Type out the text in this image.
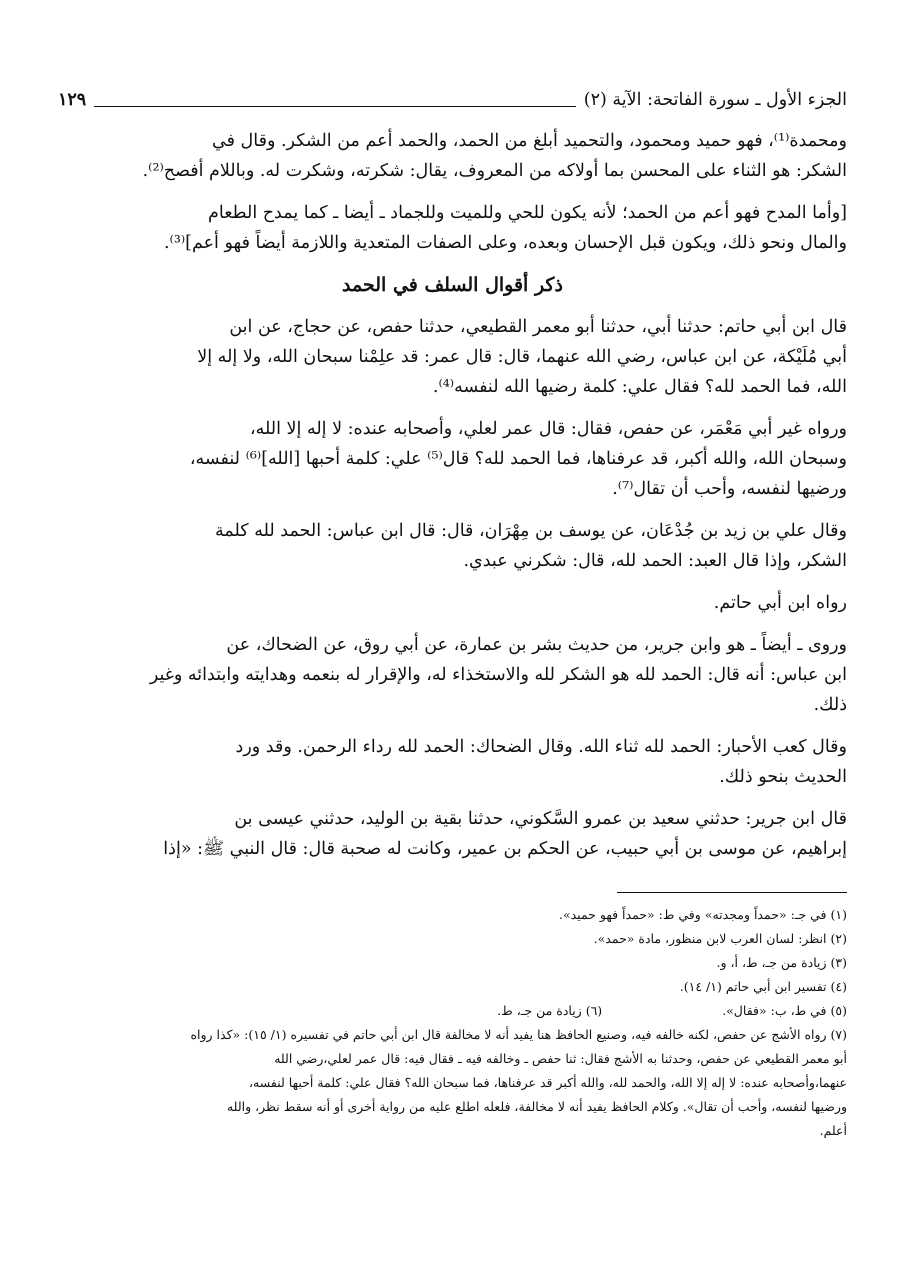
الجزء الأول ـ سورة الفاتحة: الآية (٢)
١٢٩

ومحمدة⁽¹⁾، فهو حميد ومحمود، والتحميد أبلغ من الحمد، والحمد أعم من الشكر. وقال في
الشكر: هو الثناء على المحسن بما أولاكه من المعروف، يقال: شكرته، وشكرت له. وباللام أفصح⁽²⁾.

[وأما المدح فهو أعم من الحمد؛ لأنه يكون للحي وللميت وللجماد ـ أيضا ـ كما يمدح الطعام
والمال ونحو ذلك، ويكون قبل الإحسان وبعده، وعلى الصفات المتعدية واللازمة أيضاً فهو أعم]⁽³⁾.

ذكر أقوال السلف في الحمد

قال ابن أبي حاتم: حدثنا أبي، حدثنا أبو معمر القطيعي، حدثنا حفص، عن حجاج، عن ابن
أبي مُلَيْكة، عن ابن عباس، رضي الله عنهما، قال: قال عمر: قد علِمْنا سبحان الله، ولا إله إلا
الله، فما الحمد لله؟ فقال علي: كلمة رضيها الله لنفسه⁽⁴⁾.

ورواه غير أبي مَعْمَر، عن حفص، فقال: قال عمر لعلي، وأصحابه عنده: لا إله إلا الله،
وسبحان الله، والله أكبر، قد عرفناها، فما الحمد لله؟ قال⁽⁵⁾ علي: كلمة أحبها [الله]⁽⁶⁾ لنفسه،
ورضيها لنفسه، وأحب أن تقال⁽⁷⁾.

وقال علي بن زيد بن جُدْعَان، عن يوسف بن مِهْرَان، قال: قال ابن عباس: الحمد لله كلمة
الشكر، وإذا قال العبد: الحمد لله، قال: شكرني عبدي.

رواه ابن أبي حاتم.

وروى ـ أيضاً ـ هو وابن جرير، من حديث بشر بن عمارة، عن أبي روق، عن الضحاك، عن
ابن عباس: أنه قال: الحمد لله هو الشكر لله والاستخذاء له، والإقرار له بنعمه وهدايته وابتدائه وغير
ذلك.

وقال كعب الأحبار: الحمد لله ثناء الله. وقال الضحاك: الحمد لله رداء الرحمن. وقد ورد
الحديث بنحو ذلك.

قال ابن جرير: حدثني سعيد بن عمرو السَّكوني، حدثنا بقية بن الوليد، حدثني عيسى بن
إبراهيم، عن موسى بن أبي حبيب، عن الحكم بن عمير، وكانت له صحبة قال: قال النبي ﷺ: «إذا

(١) في جـ: «حمداً ومجدته» وفي ط: «حمداً فهو حميد».

(٢) انظر: لسان العرب لابن منظور، مادة «حمد».

(٣) زيادة من جـ، ط، أ، و.

(٤) تفسير ابن أبي حاتم (١/ ١٤).

(٥) في ط، ب: «فقال».

(٦) زيادة من جـ، ط.

(٧) رواه الأشج عن حفص، لكنه خالفه فيه، وصنيع الحافظ هنا يفيد أنه لا مخالفة قال ابن أبي حاتم في تفسيره (١/ ١٥): «كذا رواه
أبو معمر القطيعي عن حفص، وحدثنا به الأشج فقال: ثنا حفص ـ وخالفه فيه ـ فقال فيه: قال عمر لعلي،رضي الله
عنهما،وأصحابه عنده: لا إله إلا الله، والحمد لله، والله أكبر قد عرفناها، فما سبحان الله؟ فقال علي: كلمة أحبها لنفسه،
ورضيها لنفسه، وأحب أن تقال». وكلام الحافظ يفيد أنه لا مخالفة، فلعله اطلع عليه من رواية أخرى أو أنه سقط نظر، والله
أعلم.
